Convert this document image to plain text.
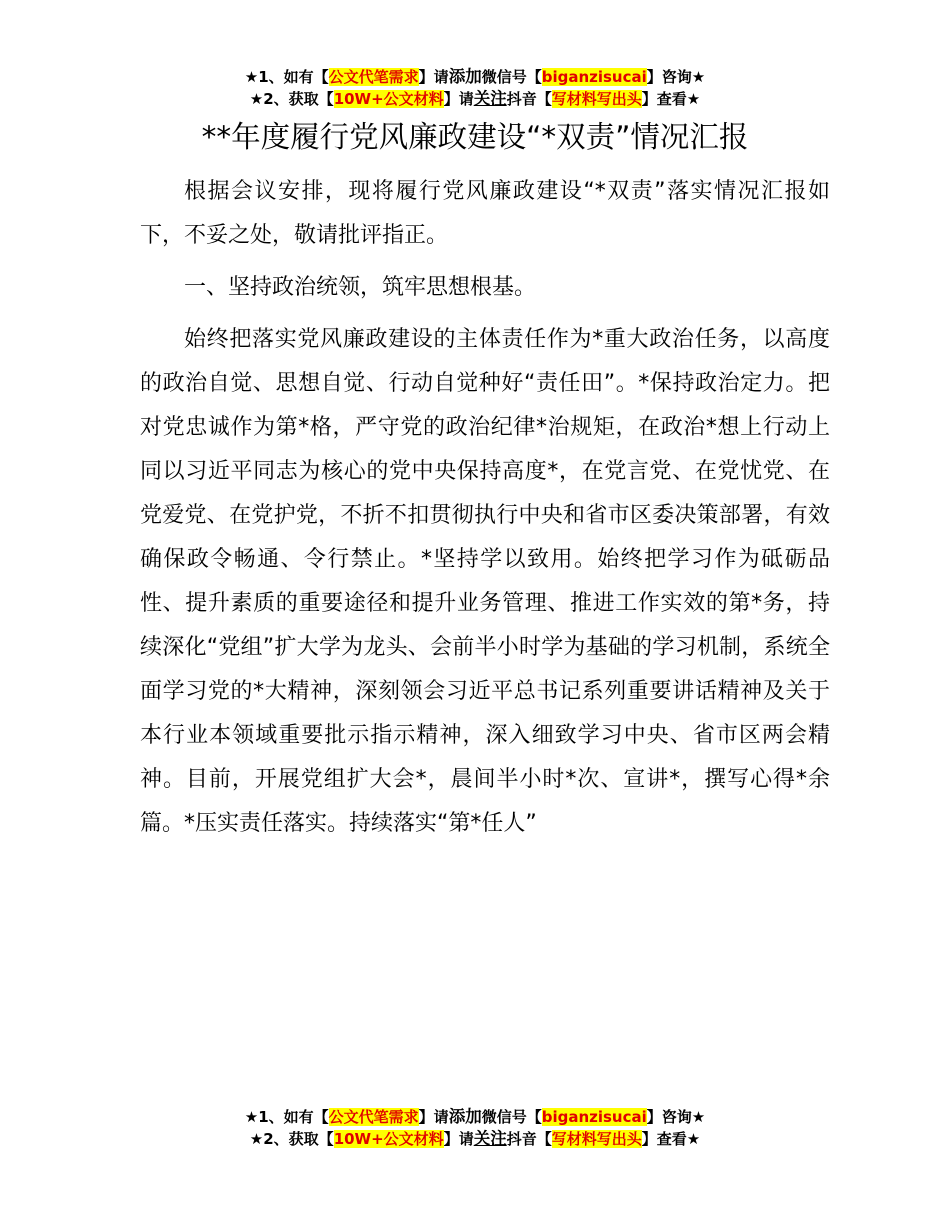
★1、如有【公文代笔需求】请添加微信号【biganzisucai】咨询★
★2、获取【10W+公文材料】请关注抖音【写材料写出头】查看★
**年度履行党风廉政建设“*双责”情况汇报

根据会议安排，现将履行党风廉政建设“*双责”落实情况汇报如下，不妥之处，敬请批评指正。

一、坚持政治统领，筑牢思想根基。

始终把落实党风廉政建设的主体责任作为*重大政治任务，以高度的政治自觉、思想自觉、行动自觉种好“责任田”。*保持政治定力。把对党忠诚作为第*格，严守党的政治纪律*治规矩，在政治*想上行动上同以习近平同志为核心的党中央保持高度*，在党言党、在党忧党、在党爱党、在党护党，不折不扣贯彻执行中央和省市区委决策部署，有效确保政令畅通、令行禁止。*坚持学以致用。始终把学习作为砥砺品性、提升素质的重要途径和提升业务管理、推进工作实效的第*务，持续深化“党组”扩大学为龙头、会前半小时学为基础的学习机制，系统全面学习党的*大精神，深刻领会习近平总书记系列重要讲话精神及关于本行业本领域重要批示指示精神，深入细致学习中央、省市区两会精神。目前，开展党组扩大会*，晨间半小时*次、宣讲*，撰写心得*余篇。*压实责任落实。持续落实“第*任人”

★1、如有【公文代笔需求】请添加微信号【biganzisucai】咨询★
★2、获取【10W+公文材料】请关注抖音【写材料写出头】查看★
